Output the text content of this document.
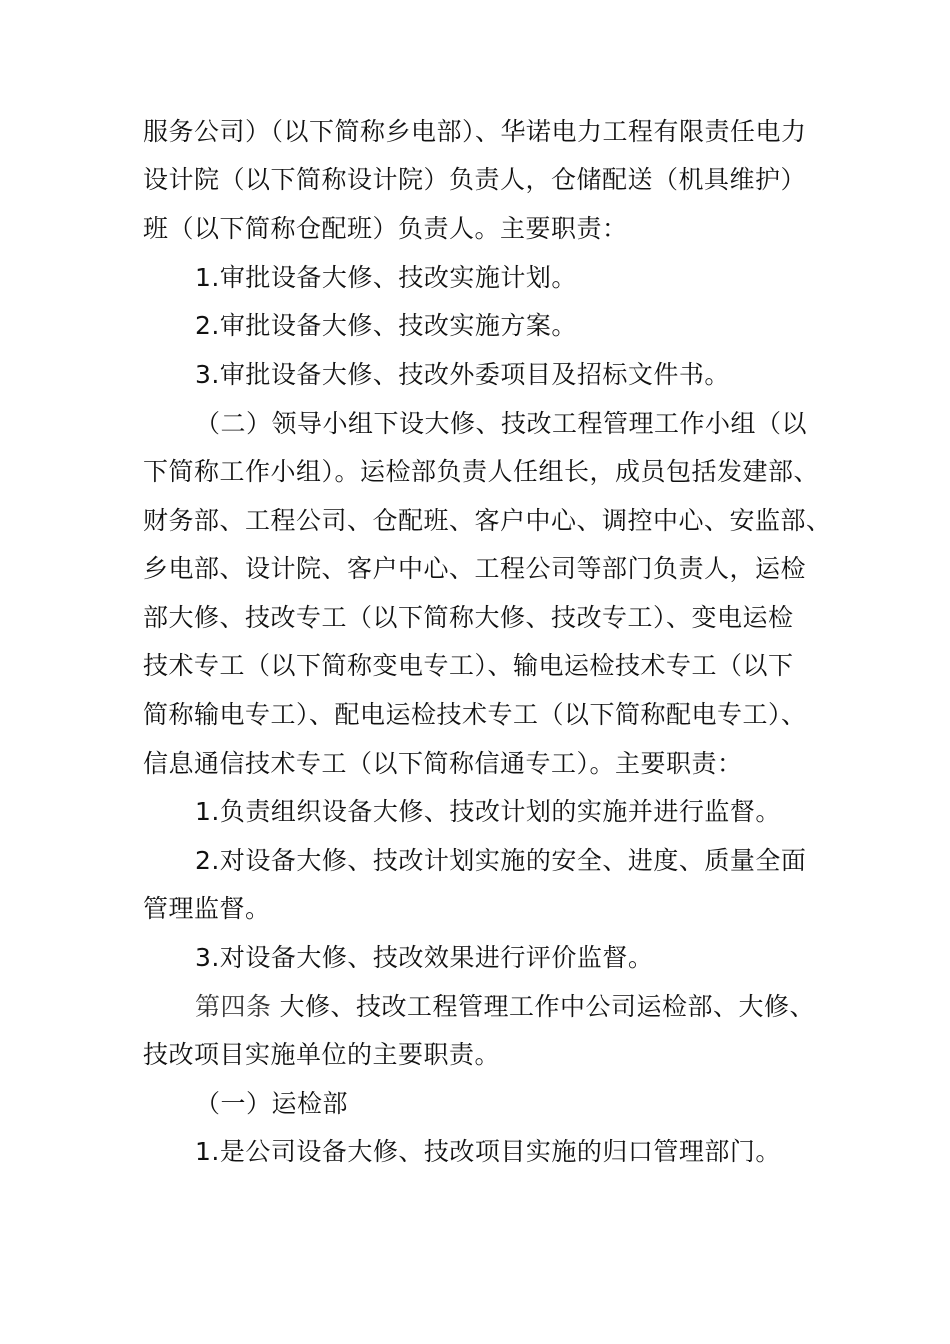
服务公司）（以下简称乡电部）、华诺电力工程有限责任电力
设计院（以下简称设计院）负责人，仓储配送（机具维护）
班（以下简称仓配班）负责人。主要职责：
1.审批设备大修、技改实施计划。
2.审批设备大修、技改实施方案。
3.审批设备大修、技改外委项目及招标文件书。
（二）领导小组下设大修、技改工程管理工作小组（以
下简称工作小组）。运检部负责人任组长，成员包括发建部、
财务部、工程公司、仓配班、客户中心、调控中心、安监部、
乡电部、设计院、客户中心、工程公司等部门负责人，运检
部大修、技改专工（以下简称大修、技改专工）、变电运检
技术专工（以下简称变电专工）、输电运检技术专工（以下
简称输电专工）、配电运检技术专工（以下简称配电专工）、
信息通信技术专工（以下简称信通专工）。主要职责：
1.负责组织设备大修、技改计划的实施并进行监督。
2.对设备大修、技改计划实施的安全、进度、质量全面
管理监督。
3.对设备大修、技改效果进行评价监督。
第四条 大修、技改工程管理工作中公司运检部、大修、
技改项目实施单位的主要职责。
（一）运检部
1.是公司设备大修、技改项目实施的归口管理部门。
